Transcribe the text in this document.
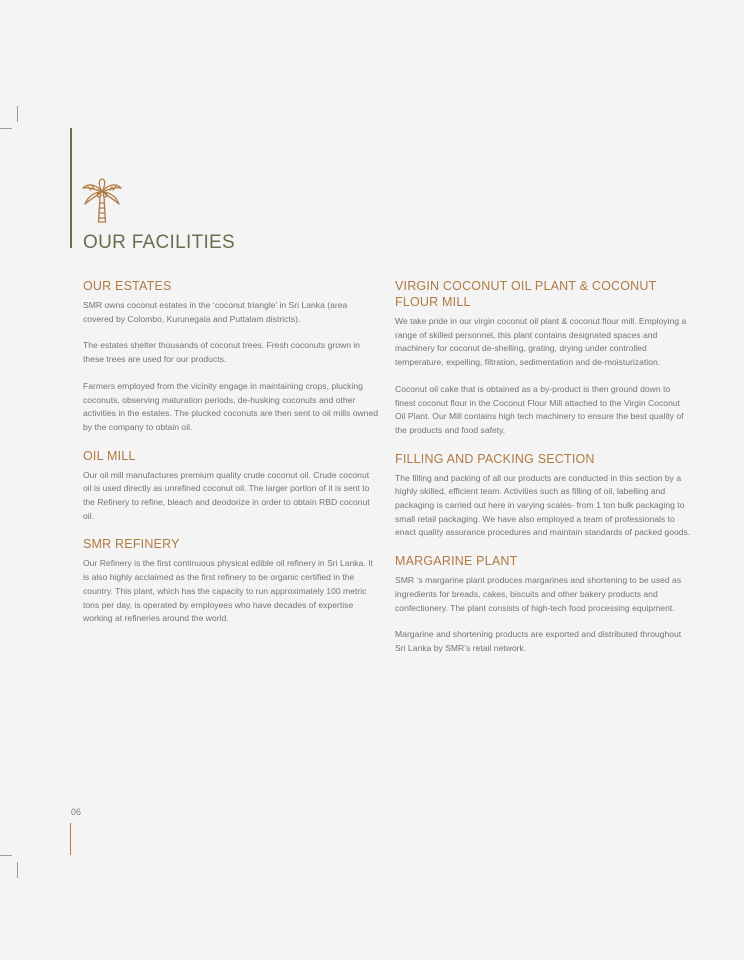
OUR FACILITIES
OUR ESTATES

SMR owns coconut estates in the ‘coconut triangle’ in Sri Lanka (area covered by Colombo, Kurunegala and Puttalam districts).

The estates shelter thousands of coconut trees. Fresh coconuts grown in these trees are used for our products.

Farmers employed from the vicinity engage in maintaining crops, plucking coconuts, observing maturation periods, de-husking coconuts and other activities in the estates. The plucked coconuts are then sent to oil mills owned by the company to obtain oil.

OIL MILL

Our oil mill manufactures premium quality crude coconut oil. Crude coconut oil is used directly as unrefined coconut oil. The larger portion of it is sent to the Refinery to refine, bleach and deodorize in order to obtain RBD coconut oil.

SMR REFINERY

Our Refinery is the first continuous physical edible oil refinery in Sri Lanka. It is also highly acclaimed as the first refinery to be organic certified in the country. This plant, which has the capacity to run approximately 100 metric tons per day, is operated by employees who have decades of expertise working at refineries around the world.

VIRGIN COCONUT OIL PLANT & COCONUT FLOUR MILL

We take pride in our virgin coconut oil plant & coconut flour mill. Employing a range of skilled personnel, this plant contains designated spaces and machinery for coconut de-shelling, grating, drying under controlled temperature, expelling, filtration, sedimentation and de-moisturization.

Coconut oil cake that is obtained as a by-product is then ground down to finest coconut flour in the Coconut Flour Mill attached to the Virgin Coconut Oil Plant. Our Mill contains high tech machinery to ensure the best quality of the products and food safety.

FILLING AND PACKING SECTION

The filling and packing of all our products are conducted in this section by a highly skilled, efficient team. Activities such as filling of oil, labelling and packaging is carried out here in varying scales- from 1 ton bulk packaging to small retail packaging. We have also employed a team of professionals to enact quality assurance procedures and maintain standards of packed goods.

MARGARINE PLANT

SMR ‘s margarine plant produces margarines and shortening to be used as ingredients for breads, cakes, biscuits and other bakery products and confectionery. The plant consists of high-tech food processing equipment.

Margarine and shortening products are exported and distributed throughout Sri Lanka by SMR’s retail network.

06
